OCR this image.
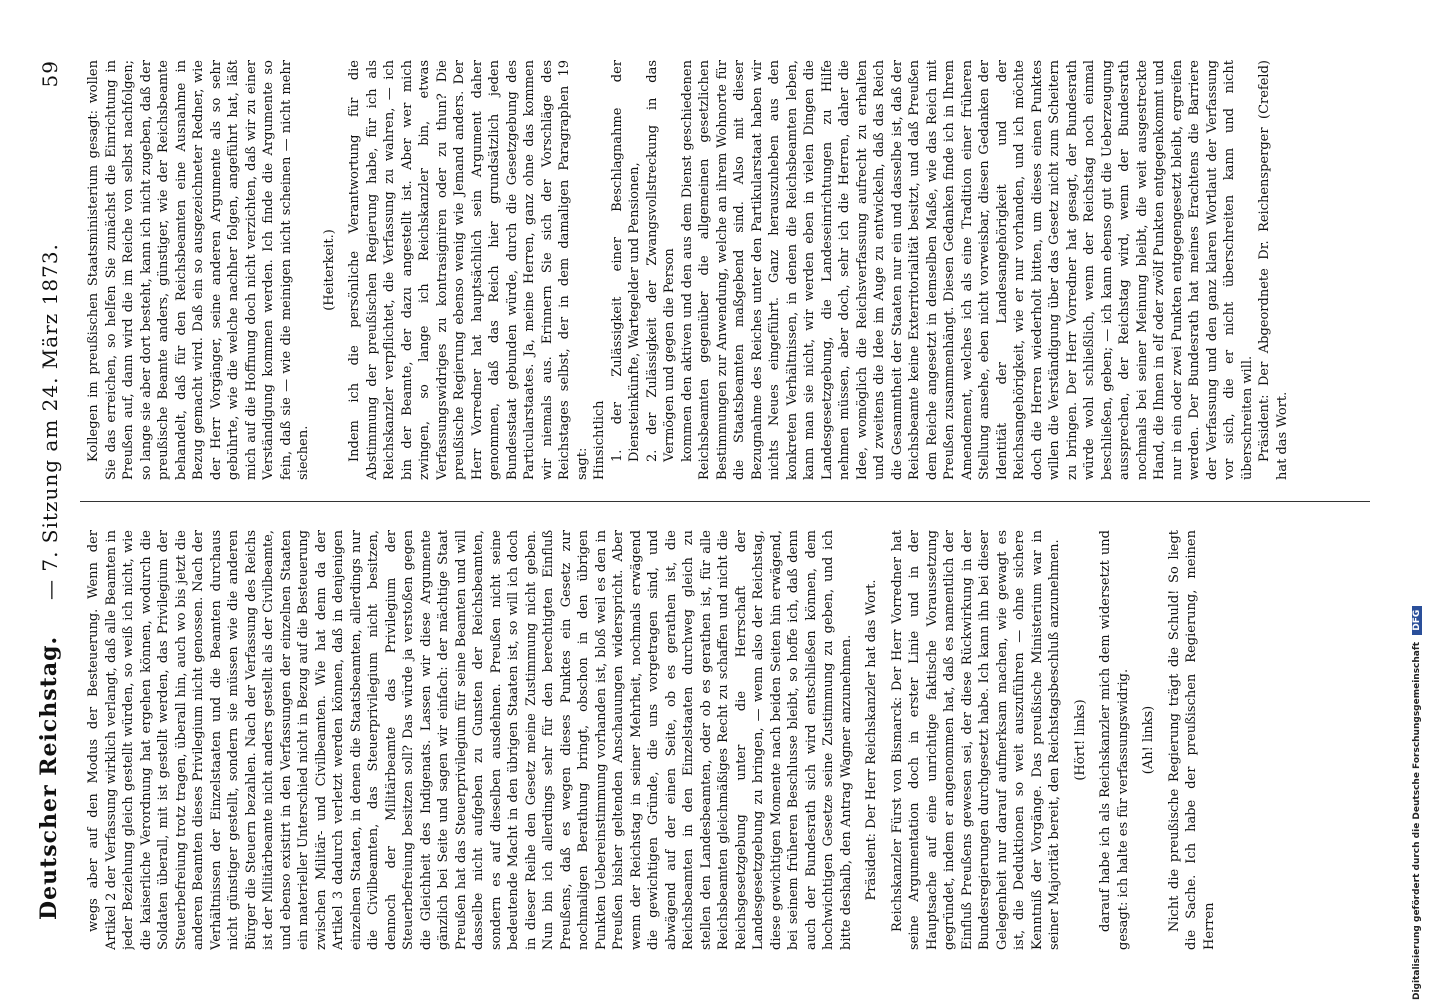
Deutscher Reichstag.
— 7. Sitzung am 24. März 1873.
59

wegs aber auf den Modus der Besteuerung. Wenn der Artikel 2 der Verfassung wirklich verlangt, daß alle Beamten in jeder Beziehung gleich gestellt würden, so weiß ich nicht, wie die kaiserliche Verordnung hat ergehen können, wodurch die Soldaten überall, mit ist gestellt werden, das Privilegium der Steuerbefreiung trotz tragen, überall hin, auch wo bis jetzt die anderen Beamten dieses Privilegium nicht genossen. Nach der Verhältnissen der Einzelstaaten und die Beamten durchaus nicht günstiger gestellt, sondern sie müssen wie die anderen Bürger die Steuern bezahlen. Nach der Verfassung des Reichs ist der Militärbeamte nicht anders gestellt als der Civilbeamte, und ebenso existirt in den Verfassungen der einzelnen Staaten ein materieller Unterschied nicht in Bezug auf die Besteuerung zwischen Militär- und Civilbeamten. Wie hat denn da der Artikel 3 dadurch verletzt werden können, daß in denjenigen einzelnen Staaten, in denen die Staatsbeamten, allerdings nur die Civilbeamten, das Steuerprivilegium nicht besitzen, dennoch der Militärbeamte das Privilegium der Steuerbefreiung besitzen soll? Das würde ja verstoßen gegen die Gleichheit des Indigenats. Lassen wir diese Argumente gänzlich bei Seite und sagen wir einfach: der mächtige Staat Preußen hat das Steuerprivilegium für seine Beamten und will dasselbe nicht aufgeben zu Gunsten der Reichsbeamten, sondern es auf dieselben ausdehnen. Preußen nicht seine bedeutende Macht in den übrigen Staaten ist, so will ich doch in dieser Reihe den Gesetz meine Zustimmung nicht geben. Nun bin ich allerdings sehr für den berechtigten Einfluß Preußens, daß es wegen dieses Punktes ein Gesetz zur nochmaligen Berathung bringt, obschon in den übrigen Punkten Uebereinstimmung vorhanden ist, bloß weil es den in Preußen bisher geltenden Anschauungen widerspricht. Aber wenn der Reichstag in seiner Mehrheit, nochmals erwägend die gewichtigen Gründe, die uns vorgetragen sind, und abwägend auf der einen Seite, ob es gerathen ist, die Reichsbeamten in den Einzelstaaten durchweg gleich zu stellen den Landesbeamten, oder ob es gerathen ist, für alle Reichsbeamten gleichmäßiges Recht zu schaffen und nicht die Reichsgesetzgebung unter die Herrschaft der Landesgesetzgebung zu bringen, — wenn also der Reichstag, diese gewichtigen Momente nach beiden Seiten hin erwägend, bei seinem früheren Beschlusse bleibt, so hoffe ich, daß denn auch der Bundesrath sich wird entschließen können, dem hochwichtigen Gesetze seine Zustimmung zu geben, und ich bitte deshalb, den Antrag Wagner anzunehmen. Präsident: Der Herr Reichskanzler hat das Wort. Reichskanzler Fürst von Bismarck: Der Herr Vorredner hat seine Argumentation doch in erster Linie und in der Hauptsache auf eine unrichtige faktische Voraussetzung gegründet, indem er angenommen hat, daß es namentlich der Einfluß Preußens gewesen sei, der diese Rückwirkung in der Bundesregierungen durchgesetzt habe. Ich kann ihn bei dieser Gelegenheit nur darauf aufmerksam machen, wie gewagt es ist, die Deduktionen so weit auszuführen — ohne sichere Kenntniß der Vorgänge. Das preußische Ministerium war in seiner Majorität bereit, den Reichstagsbeschluß anzunehmen. (Hört! links) darauf habe ich als Reichskanzler mich dem widersetzt und gesagt: ich halte es für verfassungswidrig. (Ah! links) Nicht die preußische Regierung trägt die Schuld! So liegt die Sache. Ich habe der preußischen Regierung, meinen Herren

Kollegen im preußischen Staatsministerium gesagt: wollen Sie das erreichen, so helfen Sie zunächst die Einrichtung in Preußen auf, dann wird die im Reiche von selbst nachfolgen; so lange sie aber dort besteht, kann ich nicht zugeben, daß der preußische Beamte anders, günstiger, wie der Reichsbeamte behandelt, daß für den Reichsbeamten eine Ausnahme in Bezug gemacht wird. Daß ein so ausgezeichneter Redner, wie der Herr Vorgänger, seine anderen Argumente als so sehr gebührte, wie die welche nachher folgen, angeführt hat, läßt mich auf die Hoffnung doch nicht verzichten, daß wir zu einer Verständigung kommen werden. Ich finde die Argumente so fein, daß sie — wie die meinigen nicht scheinen — nicht mehr siechen.

(Heiterkeit.) Indem ich die persönliche Verantwortung für die Abstimmung der preußischen Regierung habe, für ich als Reichskanzler verpflichtet, die Verfassung zu wahren, — ich bin der Beamte, der dazu angestellt ist. Aber wer mich zwingen, so lange ich Reichskanzler bin, etwas Verfassungswidriges zu kontrasigniren oder zu thun? Die preußische Regierung ebenso wenig wie Jemand anders. Der Herr Vorredner hat hauptsächlich sein Argument daher genommen, daß das Reich hier grundsätzlich jeden Bundesstaat gebunden würde, durch die Gesetzgebung des Particularstaates. Ja, meine Herren, ganz ohne das kommen wir niemals aus. Erinnern Sie sich der Vorschläge des Reichstages selbst, der in dem damaligen Paragraphen 19 sagt: Hinsichtlich 1. der Zulässigkeit einer Beschlagnahme der Diensteinkünfte, Wartegelder und Pensionen, 2. der Zulässigkeit der Zwangsvollstreckung in das Vermögen und gegen die Person kommen den aktiven und den aus dem Dienst geschiedenen Reichsbeamten gegenüber die allgemeinen gesetzlichen Bestimmungen zur Anwendung, welche an ihrem Wohnorte für die Staatsbeamten maßgebend sind. Also mit dieser Bezugnahme des Reiches unter den Partikularstaat haben wir nichts Neues eingeführt. Ganz herauszuheben aus den konkreten Verhältnissen, in denen die Reichsbeamten leben, kann man sie nicht, wir werden eben in vielen Dingen die Landesgesetzgebung, die Landeseinrichtungen zu Hilfe nehmen müssen, aber doch, sehr ich die Herren, daher die Idee, womöglich die Reichsverfassung aufrecht zu erhalten und zweitens die Idee im Auge zu entwickeln, daß das Reich die Gesammtheit der Staaten nur ein und dasselbe ist, daß der Reichsbeamte keine Exterritorialität besitzt, und daß Preußen dem Reiche angesetzt in demselben Maße, wie das Reich mit Preußen zusammenhängt. Diesen Gedanken finde ich in Ihrem Amendement, welches ich als eine Tradition einer früheren Stellung ansehe, eben nicht vorweisbar, diesen Gedanken der Identität der Landesangehörigkeit und der Reichsangehörigkeit, wie er nur vorhanden, und ich möchte doch die Herren wiederholt bitten, um dieses einen Punktes willen die Verständigung über das Gesetz nicht zum Scheitern zu bringen. Der Herr Vorredner hat gesagt, der Bundesrath würde wohl schließlich, wenn der Reichstag noch einmal beschließen, geben; — ich kann ebenso gut die Ueberzeugung aussprechen, der Reichstag wird, wenn der Bundesrath nochmals bei seiner Meinung bleibt, die weit ausgestreckte Hand, die Ihnen in elf oder zwölf Punkten entgegenkommt und nur in ein oder zwei Punkten entgegengesetzt bleibt, ergreifen werden. Der Bundesrath hat meines Erachtens die Barriere der Verfassung und den ganz klaren Wortlaut der Verfassung vor sich, die er nicht überschreiten kann und nicht überschreiten will. Präsident: Der Abgeordnete Dr. Reichensperger (Crefeld) hat das Wort.

Digitalisierung gefördert durch die Deutsche Forschungsgemeinschaft DFG
